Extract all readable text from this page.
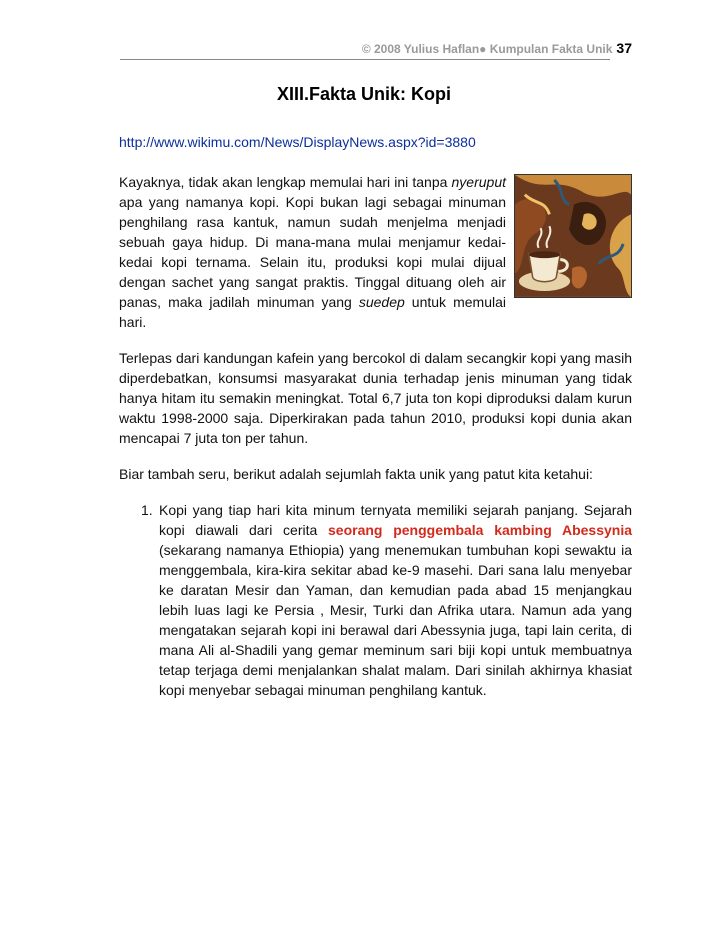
© 2008 Yulius Haflan● Kumpulan Fakta Unik 37
XIII.Fakta Unik: Kopi
http://www.wikimu.com/News/DisplayNews.aspx?id=3880

Kayaknya, tidak akan lengkap memulai hari ini tanpa nyeruput apa yang namanya kopi. Kopi bukan lagi sebagai minuman penghilang rasa kantuk, namun sudah menjelma menjadi sebuah gaya hidup. Di mana-mana mulai menjamur kedai-kedai kopi ternama. Selain itu, produksi kopi mulai dijual dengan sachet yang sangat praktis. Tinggal dituang oleh air panas, maka jadilah minuman yang suedep untuk memulai hari.

Terlepas dari kandungan kafein yang bercokol di dalam secangkir kopi yang masih diperdebatkan, konsumsi masyarakat dunia terhadap jenis minuman yang tidak hanya hitam itu semakin meningkat. Total 6,7 juta ton kopi diproduksi dalam kurun waktu 1998-2000 saja. Diperkirakan pada tahun 2010, produksi kopi dunia akan mencapai 7 juta ton per tahun.

Biar tambah seru, berikut adalah sejumlah fakta unik yang patut kita ketahui:

Kopi yang tiap hari kita minum ternyata memiliki sejarah panjang. Sejarah kopi diawali dari cerita seorang penggembala kambing Abessynia (sekarang namanya Ethiopia) yang menemukan tumbuhan kopi sewaktu ia menggembala, kira-kira sekitar abad ke-9 masehi. Dari sana lalu menyebar ke daratan Mesir dan Yaman, dan kemudian pada abad 15 menjangkau lebih luas lagi ke Persia , Mesir, Turki dan Afrika utara. Namun ada yang mengatakan sejarah kopi ini berawal dari Abessynia juga, tapi lain cerita, di mana Ali al-Shadili yang gemar meminum sari biji kopi untuk membuatnya tetap terjaga demi menjalankan shalat malam. Dari sinilah akhirnya khasiat kopi menyebar sebagai minuman penghilang kantuk.
